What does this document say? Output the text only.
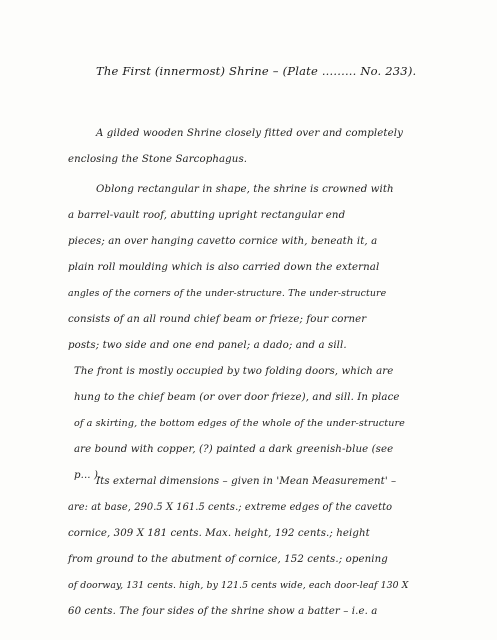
The First (innermost) Shrine – (Plate ......... No. 233).
A gilded wooden Shrine closely fitted over and completely
enclosing the Stone Sarcophagus.
Oblong rectangular in shape, the shrine is crowned with
a barrel-vault roof, abutting upright rectangular end
pieces; an over hanging cavetto cornice with, beneath it, a
plain roll moulding which is also carried down the external
angles of the corners of the under-structure. The under-structure
consists of an all round chief beam or frieze; four corner
posts; two side and one end panel; a dado; and a sill.
The front is mostly occupied by two folding doors, which are
hung to the chief beam (or over door frieze), and sill. In place
of a skirting, the bottom edges of the whole of the under-structure
are bound with copper, (?) painted a dark greenish-blue (see
p... ).
Its external dimensions – given in 'Mean Measurement' –
are: at base, 290.5 X 161.5 cents.; extreme edges of the cavetto
cornice, 309 X 181 cents. Max. height, 192 cents.; height
from ground to the abutment of cornice, 152 cents.; opening
of doorway, 131 cents. high, by 121.5 cents wide, each door-leaf 130 X
60 cents. The four sides of the shrine show a batter – i.e. a
